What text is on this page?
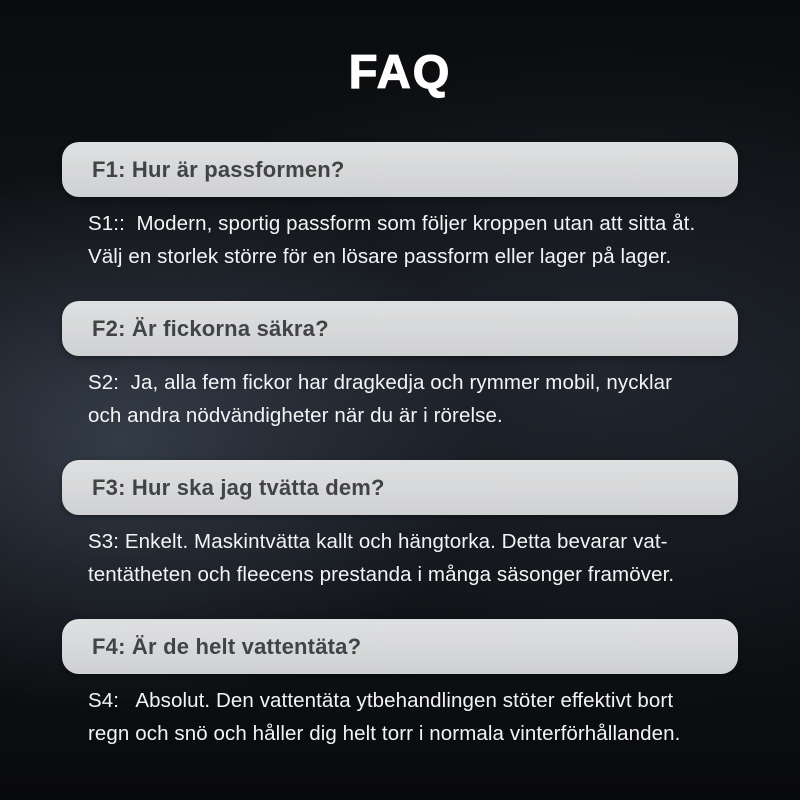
FAQ
F1: Hur är passformen?
S1::  Modern, sportig passform som följer kroppen utan att sitta åt.
Välj en storlek större för en lösare passform eller lager på lager.
F2: Är fickorna säkra?
S2:  Ja, alla fem fickor har dragkedja och rymmer mobil, nycklar
och andra nödvändigheter när du är i rörelse.
F3: Hur ska jag tvätta dem?
S3: Enkelt. Maskintvätta kallt och hängtorka. Detta bevarar vat-
tentätheten och fleecens prestanda i många säsonger framöver.
F4: Är de helt vattentäta?
S4:   Absolut. Den vattentäta ytbehandlingen stöter effektivt bort
regn och snö och håller dig helt torr i normala vinterförhållanden.
